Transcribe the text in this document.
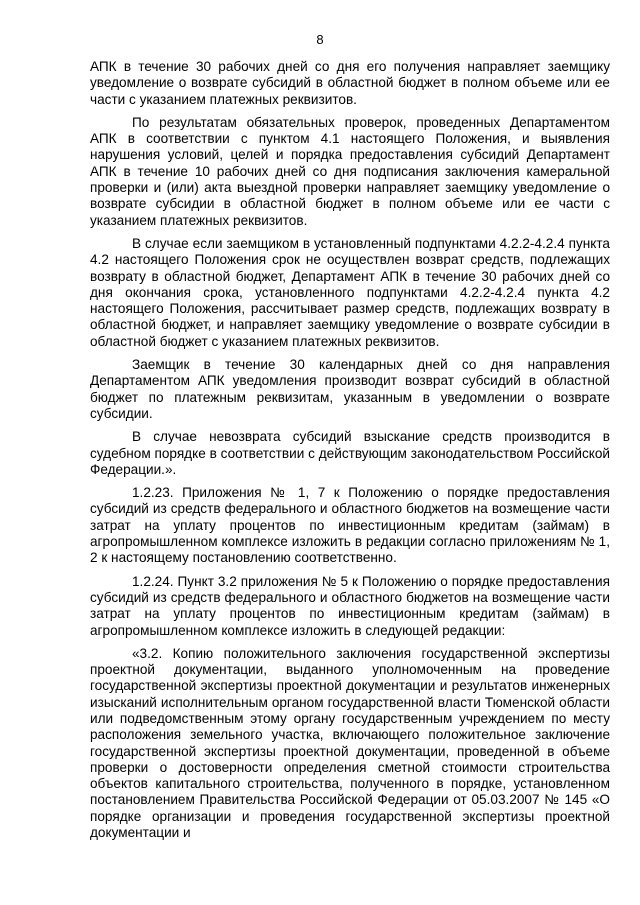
8

АПК в течение 30 рабочих дней со дня его получения направляет заемщику уведомление о возврате субсидий в областной бюджет в полном объеме или ее части с указанием платежных реквизитов.

По результатам обязательных проверок, проведенных Департаментом АПК в соответствии с пунктом 4.1 настоящего Положения, и выявления нарушения условий, целей и порядка предоставления субсидий Департамент АПК в течение 10 рабочих дней со дня подписания заключения камеральной проверки и (или) акта выездной проверки направляет заемщику уведомление о возврате субсидии в областной бюджет в полном объеме или ее части с указанием платежных реквизитов.

В случае если заемщиком в установленный подпунктами 4.2.2-4.2.4 пункта 4.2 настоящего Положения срок не осуществлен возврат средств, подлежащих возврату в областной бюджет, Департамент АПК в течение 30 рабочих дней со дня окончания срока, установленного подпунктами 4.2.2-4.2.4 пункта 4.2 настоящего Положения, рассчитывает размер средств, подлежащих возврату в областной бюджет, и направляет заемщику уведомление о возврате субсидии в областной бюджет с указанием платежных реквизитов.

Заемщик в течение 30 календарных дней со дня направления Департаментом АПК уведомления производит возврат субсидий в областной бюджет по платежным реквизитам, указанным в уведомлении о возврате субсидии.

В случае невозврата субсидий взыскание средств производится в судебном порядке в соответствии с действующим законодательством Российской Федерации.».

1.2.23. Приложения № 1, 7 к Положению о порядке предоставления субсидий из средств федерального и областного бюджетов на возмещение части затрат на уплату процентов по инвестиционным кредитам (займам) в агропромышленном комплексе изложить в редакции согласно приложениям № 1, 2 к настоящему постановлению соответственно.

1.2.24. Пункт 3.2 приложения № 5 к Положению о порядке предоставления субсидий из средств федерального и областного бюджетов на возмещение части затрат на уплату процентов по инвестиционным кредитам (займам) в агропромышленном комплексе изложить в следующей редакции:

«3.2. Копию положительного заключения государственной экспертизы проектной документации, выданного уполномоченным на проведение государственной экспертизы проектной документации и результатов инженерных изысканий исполнительным органом государственной власти Тюменской области или подведомственным этому органу государственным учреждением по месту расположения земельного участка, включающего положительное заключение государственной экспертизы проектной документации, проведенной в объеме проверки о достоверности определения сметной стоимости строительства объектов капитального строительства, полученного в порядке, установленном постановлением Правительства Российской Федерации от 05.03.2007 № 145 «О порядке организации и проведения государственной экспертизы проектной документации и
